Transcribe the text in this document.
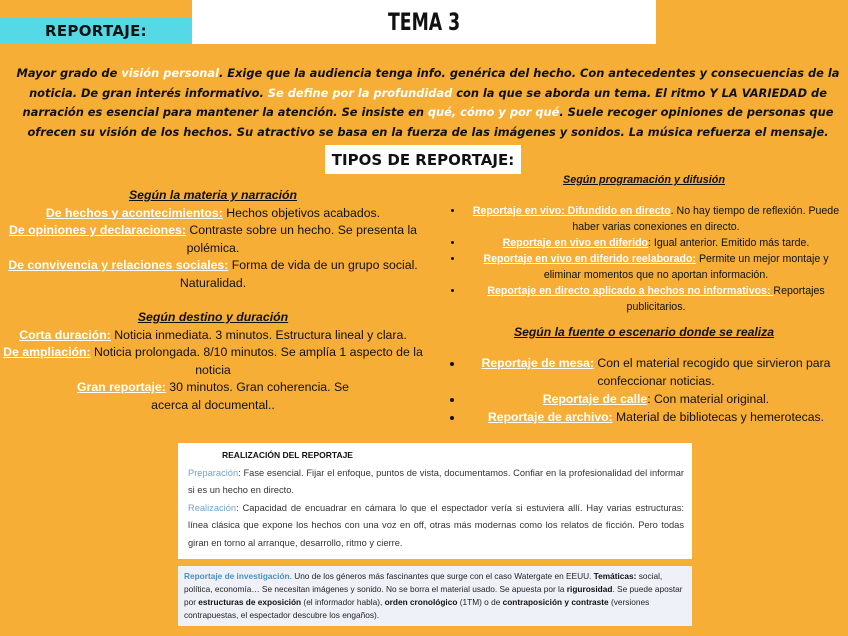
REPORTAJE:	TEMA 3
Mayor grado de visión personal. Exige que la audiencia tenga info. genérica del hecho. Con antecedentes y consecuencias de la noticia. De gran interés informativo. Se define por la profundidad con la que se aborda un tema. El ritmo Y LA VARIEDAD de narración es esencial para mantener la atención. Se insiste en qué, cómo y por qué. Suele recoger opiniones de personas que ofrecen su visión de los hechos. Su atractivo se basa en la fuerza de las imágenes y sonidos. La música refuerza el mensaje.
TIPOS DE REPORTAJE:
Según la materia y narración
De hechos y acontecimientos: Hechos objetivos acabados.
De opiniones y declaraciones: Contraste sobre un hecho. Se presenta la polémica.
De convivencia y relaciones sociales: Forma de vida de un grupo social. Naturalidad.
Según destino y duración
Corta duración: Noticia inmediata. 3 minutos. Estructura lineal y clara.
De ampliación: Noticia prolongada. 8/10 minutos. Se amplía 1 aspecto de la noticia
Gran reportaje: 30 minutos. Gran coherencia. Se acerca al documental..
Según programación y difusión
• Reportaje en vivo: Difundido en directo. No hay tiempo de reflexión. Puede haber varias conexiones en directo.
• Reportaje en vivo en diferido: Igual anterior. Emitido más tarde.
• Reportaje en vivo en diferido reelaborado: Permite un mejor montaje y eliminar momentos que no aportan información.
• Reportaje en directo aplicado a hechos no informativos: Reportajes publicitarios.
Según la fuente o escenario donde se realiza
• Reportaje de mesa: Con el material recogido que sirvieron para confeccionar noticias.
• Reportaje de calle: Con material original.
• Reportaje de archivo: Material de bibliotecas y hemerotecas.
REALIZACIÓN DEL REPORTAJE
Preparación: Fase esencial. Fijar el enfoque, puntos de vista, documentamos. Confiar en la profesionalidad del informar si es un hecho en directo.
Realización: Capacidad de encuadrar en cámara lo que el espectador vería si estuviera allí. Hay varias estructuras: línea clásica que expone los hechos con una voz en off, otras más modernas como los relatos de ficción. Pero todas giran en torno al arranque, desarrollo, ritmo y cierre.
Reportaje de investigación. Uno de los géneros más fascinantes que surge con el caso Watergate en EEUU. Temáticas: social, política, economía… Se necesitan imágenes y sonido. No se borra el material usado. Se apuesta por la rigurosidad. Se puede apostar por estructuras de exposición (el informador habla), orden cronológico (1TM) o de contraposición y contraste (versiones contrapuestas, el espectador descubre los engaños).
